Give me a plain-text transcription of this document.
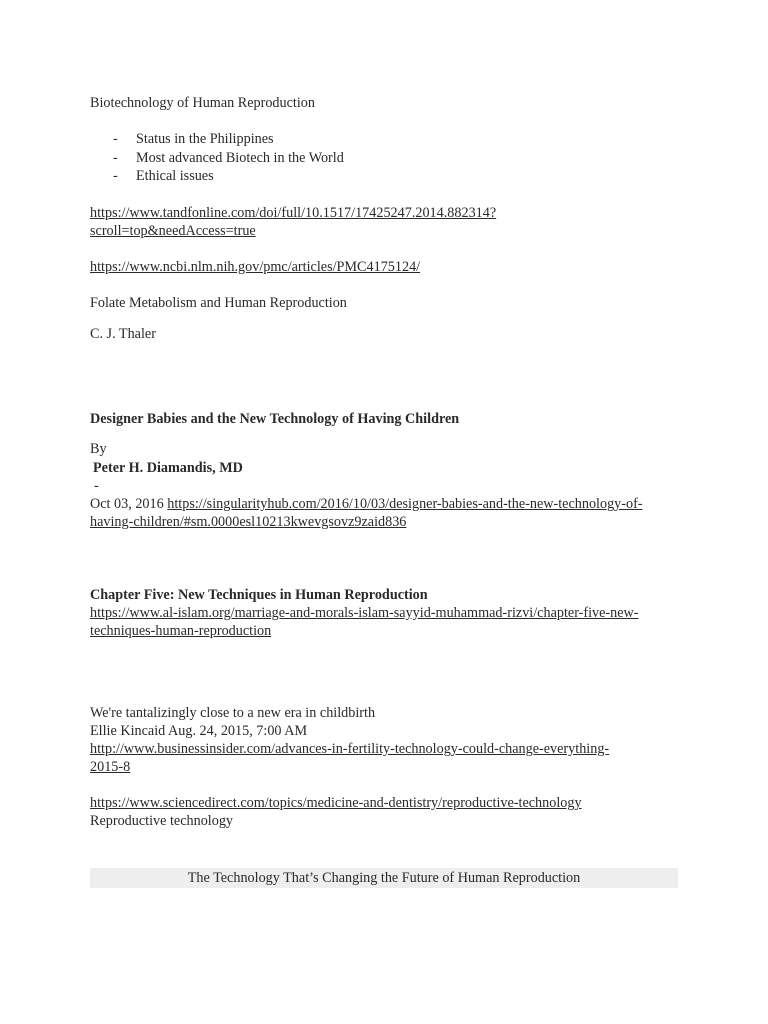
Biotechnology of Human Reproduction

- Status in the Philippines
- Most advanced Biotech in the World
- Ethical issues

https://www.tandfonline.com/doi/full/10.1517/17425247.2014.882314?
scroll=top&needAccess=true

https://www.ncbi.nlm.nih.gov/pmc/articles/PMC4175124/

Folate Metabolism and Human Reproduction

C. J. Thaler

Designer Babies and the New Technology of Having Children

By

Peter H. Diamandis, MD

-

Oct 03, 2016 https://singularityhub.com/2016/10/03/designer-babies-and-the-new-technology-of-
having-children/#sm.0000esl10213kwevgsovz9zaid836

Chapter Five: New Techniques in Human Reproduction

https://www.al-islam.org/marriage-and-morals-islam-sayyid-muhammad-rizvi/chapter-five-new-
techniques-human-reproduction

We're tantalizingly close to a new era in childbirth

Ellie Kincaid Aug. 24, 2015, 7:00 AM

http://www.businessinsider.com/advances-in-fertility-technology-could-change-everything-
2015-8

https://www.sciencedirect.com/topics/medicine-and-dentistry/reproductive-technology

Reproductive technology

The Technology That’s Changing the Future of Human Reproduction
